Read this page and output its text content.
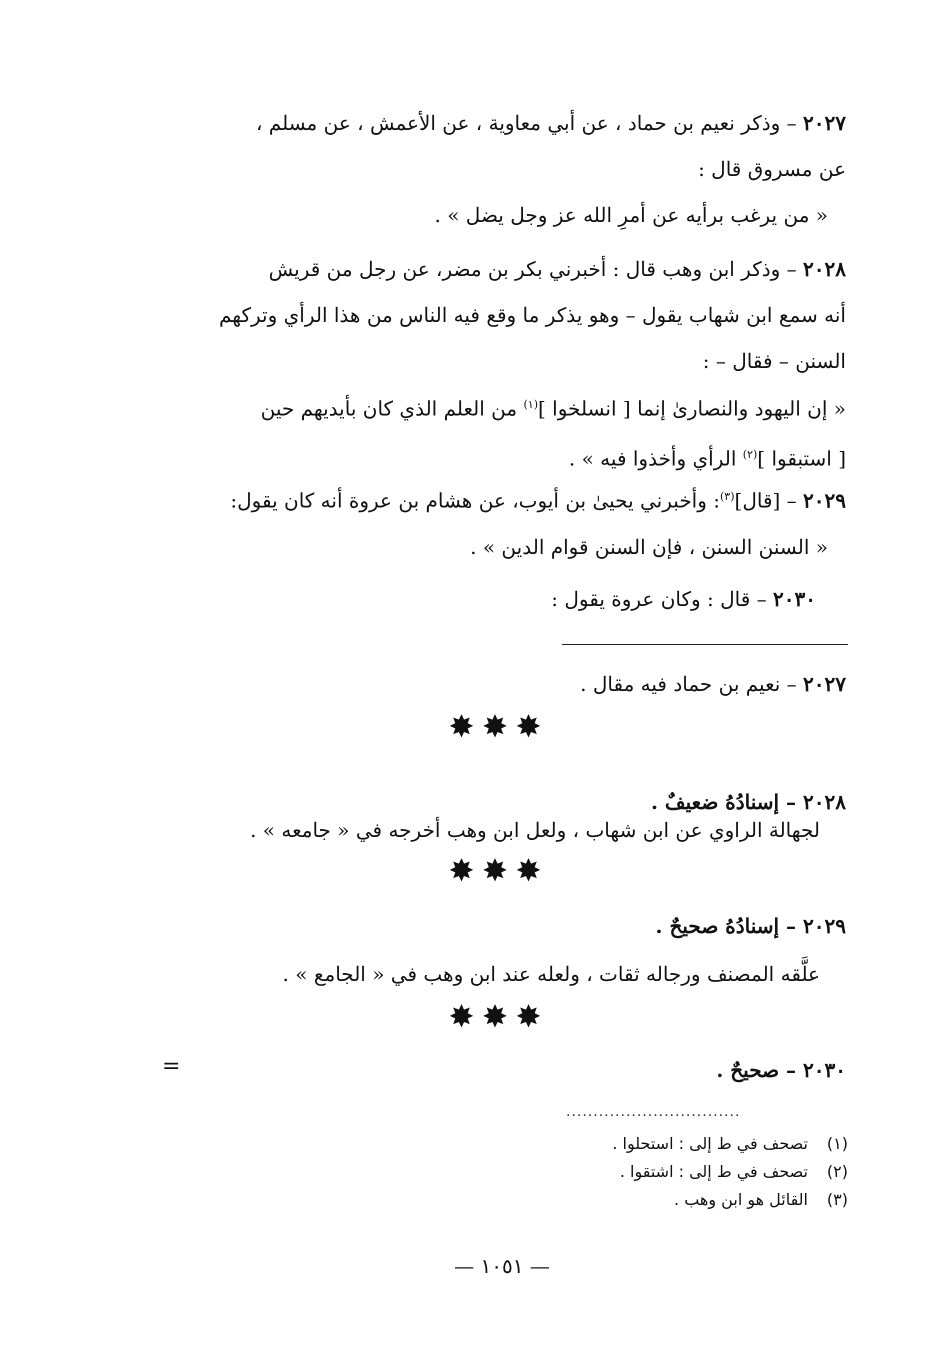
٢٠٢٧ – وذكر نعيم بن حماد ، عن أبي معاوية ، عن الأعمش ، عن مسلم ،
عن مسروق قال :
« من يرغب برأيه عن أمرِ الله عز وجل يضل » .
٢٠٢٨ – وذكر ابن وهب قال : أخبرني بكر بن مضر، عن رجل من قريش
أنه سمع ابن شهاب يقول – وهو يذكر ما وقع فيه الناس من هذا الرأي وتركهم
السنن – فقال – :
« إن اليهود والنصارىٰ إنما [ انسلخوا ]$^{(١)}$ من العلم الذي كان بأيديهم حين
[ استبقوا ]$^{(٢)}$ الرأي وأخذوا فيه » .
٢٠٢٩ – [قال]$^{(٣)}$: وأخبرني يحيىٰ بن أيوب، عن هشام بن عروة أنه كان يقول:
« السنن السنن ، فإن السنن قوام الدين » .
٢٠٣٠ – قال : وكان عروة يقول :
٢٠٢٧ – نعيم بن حماد فيه مقال .
✸✸✸
٢٠٢٨ – إسنادُهُ ضعيفٌ .
لجهالة الراوي عن ابن شهاب ، ولعل ابن وهب أخرجه في « جامعه » .
✸✸✸
٢٠٢٩ – إسنادُهُ صحيحٌ .
علَّقه المصنف ورجاله ثقات ، ولعله عند ابن وهب في « الجامع » .
✸✸✸
٢٠٣٠ – صحيحٌ .
=
................................
(١)تصحف في ط إلى : استحلوا .
(٢)تصحف في ط إلى : اشتقوا .
(٣)القائل هو ابن وهب .
— ١٠٥١ —
